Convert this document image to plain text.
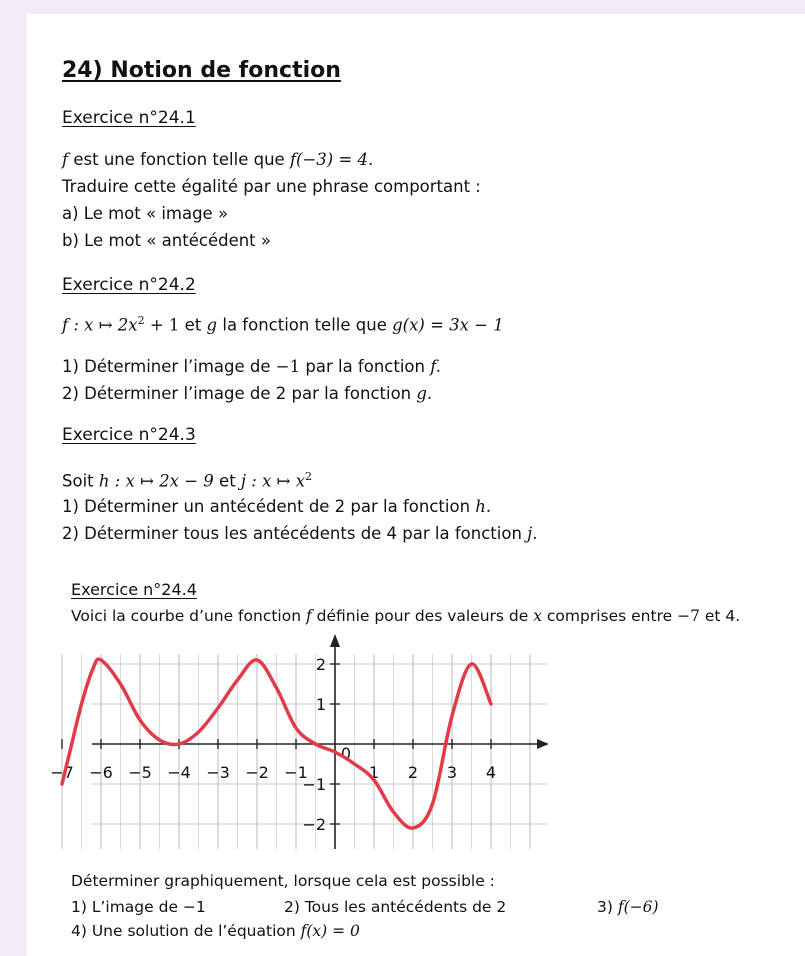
24) Notion de fonction
Exercice n°24.1
f est une fonction telle que f(−3) = 4.
Traduire cette égalité par une phrase comportant :
a) Le mot « image »
b) Le mot « antécédent »
Exercice n°24.2
f : x ↦ $2x^2 + 1$ et g la fonction telle que g(x) = 3x − 1
1) Déterminer l’image de −1 par la fonction f.
2) Déterminer l’image de 2 par la fonction g.
Exercice n°24.3
Soit h : x ↦ 2x − 9 et j : x ↦ $x^2$
1) Déterminer un antécédent de 2 par la fonction h.
2) Déterminer tous les antécédents de 4 par la fonction j.
Exercice n°24.4
Voici la courbe d’une fonction f définie pour des valeurs de x comprises entre −7 et 4.
−7 −6 −5 −4 −3 −2 −1	1 2 3 4
0
−2
−1
1
2
Déterminer graphiquement, lorsque cela est possible :
1) L’image de −1	2) Tous les antécédents de 2	3) f(−6)
4) Une solution de l’équation f(x) = 0
